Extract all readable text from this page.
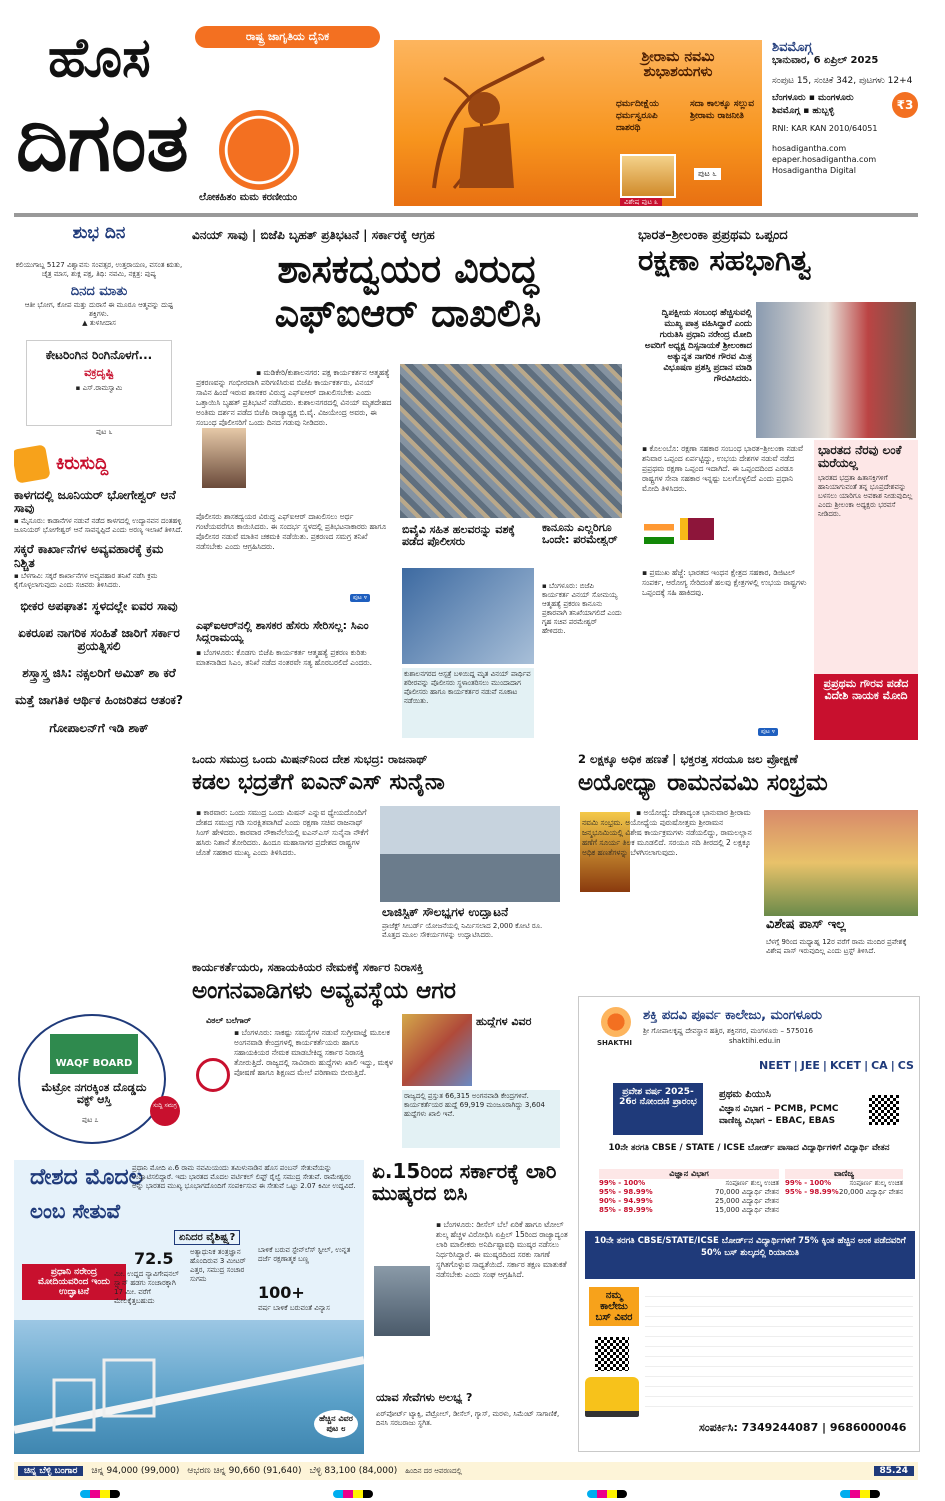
ಹೊಸ
ದಿಗಂತ
ರಾಷ್ಟ್ರ ಜಾಗೃತಿಯ ದೈನಿಕ
ಲೋಕಹಿತಂ ಮಮ ಕರಣೀಯಂ
ಶ್ರೀರಾಮ ನವಮಿ ಶುಭಾಶಯಗಳು
ಧರ್ಮದೀಕ್ಷೆಯ ಧರ್ಮಸ್ವರೂಪಿ ದಾಶರಥಿ
ಸದಾ ಕಾಲಕ್ಕೂ ಸಲ್ಲುವ ಶ್ರೀರಾಮ ರಾಜನೀತಿ
ಪುಟ ೬
ವಿಶೇಷ ಪುಟ ೩
ಶಿವಮೊಗ್ಗ
ಭಾನುವಾರ, 6 ಏಪ್ರಿಲ್ 2025
ಸಂಪುಟ 15, ಸಂಚಿಕೆ 342, ಪುಟಗಳು 12+4
ಬೆಂಗಳೂರು ▪ ಮಂಗಳೂರು
ಶಿವಮೊಗ್ಗ ▪ ಹುಬ್ಬಳ್ಳಿ	₹3
RNI: KAR KAN 2010/64051
hosadigantha.com
epaper.hosadigantha.com
Hosadigantha Digital
ಶುಭ ದಿನ
ಕಲಿಯುಗಾಬ್ದ 5127 ವಿಶ್ವಾವಸು ಸಂವತ್ಸರ, ಉತ್ತರಾಯಣ, ವಸಂತ ಋತು, ಚೈತ್ರ ಮಾಸ, ಶುಕ್ಲ ಪಕ್ಷ, ತಿಥಿ: ನವಮಿ, ನಕ್ಷತ್ರ: ಪುಷ್ಯ
ದಿನದ ಮಾತು
ಆತೀ ಭೋಗ, ಕೋಪ ಮತ್ತು ದುರಾಸೆ ಈ ಮೂರೂ ಆತ್ಮವನ್ನು ದುಷ್ಟ ಶಕ್ತಿಗಳು.
▲ ತುಳಸೀದಾಸ
ಕೇಟರಿಂಗಿನ ರಿಂಗಿನೊಳಗೆ...
ವಕ್ರದೃಷ್ಟಿ
▪ ಎಸ್.ರಾಮಸ್ವಾಮಿ
ಪುಟ ೬
ಕಿರುಸುದ್ದಿ
ಕಾಳಗದಲ್ಲಿ ಜೂನಿಯರ್ ಭೋಗೇಶ್ವರ್ ಆನೆ ಸಾವು
▪ ಮೈಸೂರು: ಕಾಡಾನೆಗಳ ನಡುವೆ ನಡೆದ ಕಾಳಗದಲ್ಲಿ ಉದ್ಯಾನವನ ದಂತಹಳ್ಳಿ ಜೂನಿಯರ್ ಭೋಗೇಶ್ವರ್ ಆನೆ ಸಾವನ್ನಪ್ಪಿದೆ ಎಂದು ಅರಣ್ಯ ಇಲಾಖೆ ತಿಳಿಸಿದೆ.
ಸಕ್ಕರೆ ಕಾರ್ಖಾನೆಗಳ ಅವ್ಯವಹಾರಕ್ಕೆ ಕ್ರಮ ನಿಶ್ಚಿತ
▪ ಬೆಳಗಾವಿ: ಸಕ್ಕರೆ ಕಾರ್ಖಾನೆಗಳ ಅವ್ಯವಹಾರ ತನಿಖೆ ನಡೆಸಿ ಕ್ರಮ ಕೈಗೊಳ್ಳಲಾಗುವುದು ಎಂದು ಸಚಿವರು ತಿಳಿಸಿದರು.
ಭೀಕರ ಅಪಘಾತ: ಸ್ಥಳದಲ್ಲೇ ಐವರ ಸಾವು
ಏಕರೂಪ ನಾಗರಿಕ ಸಂಹಿತೆ ಜಾರಿಗೆ ಸರ್ಕಾರ ಪ್ರಯತ್ನಿಸಲಿ
ಶಸ್ತ್ರಾಸ್ತ್ರ ಜಿಸಿ: ನಕ್ಸಲರಿಗೆ ಅಮಿತ್ ಶಾ ಕರೆ
ಮತ್ತೆ ಜಾಗತಿಕ ಆರ್ಥಿಕ ಹಿಂಜರಿತದ ಆತಂಕ?
ಗೋಪಾಲನ್‌ಗೆ ಇಡಿ ಶಾಕ್
WAQF BOARD
ಮೆಟ್ರೋ ನಗರಕ್ಕಿಂತ ದೊಡ್ಡದು ವಕ್ಫ್ ಆಸ್ತಿ
ಪುಟ ೭
ಸುದ್ದಿ ಸಮಗ್ರ
ವಿನಯ್ ಸಾವು | ಬಿಜೆಪಿ ಬೃಹತ್ ಪ್ರತಿಭಟನೆ | ಸರ್ಕಾರಕ್ಕೆ ಆಗ್ರಹ
ಶಾಸಕದ್ವಯರ ವಿರುದ್ಧ
ಎಫ್‌ಐಆರ್ ದಾಖಲಿಸಿ
▪ ಮಡಿಕೇರಿ/ಕುಶಾಲನಗರ: ಪಕ್ಷ ಕಾರ್ಯಕರ್ತನ ಆತ್ಮಹತ್ಯೆ ಪ್ರಕರಣವನ್ನು ಗಂಭೀರವಾಗಿ ಪರಿಗಣಿಸಿರುವ ಬಿಜೆಪಿ ಕಾರ್ಯಕರ್ತರು, ವಿನಯ್ ಸಾವಿನ ಹಿಂದೆ ಇರುವ ಶಾಸಕರ ವಿರುದ್ಧ ಎಫ್‌ಐಆರ್ ದಾಖಲಿಸಬೇಕು ಎಂದು ಒತ್ತಾಯಿಸಿ ಬೃಹತ್ ಪ್ರತಿಭಟನೆ ನಡೆಸಿದರು. ಕುಶಾಲನಗರದಲ್ಲಿ ವಿನಯ್ ಮೃತದೇಹದ ಅಂತಿಮ ದರ್ಶನ ಪಡೆದ ಬಿಜೆಪಿ ರಾಜ್ಯಾಧ್ಯಕ್ಷ ಬಿ.ವೈ. ವಿಜಯೇಂದ್ರ ಅವರು, ಈ ಸಂಬಂಧ ಪೊಲೀಸರಿಗೆ ಒಂದು ದಿನದ ಗಡುವು ನೀಡಿದರು.
ಪೊಲೀಸರು ಶಾಸಕದ್ವಯರ ವಿರುದ್ಧ ಎಫ್‌ಐಆರ್ ದಾಖಲಿಸಲು ಅರ್ಧ ಗಂಟೆಯವರೆಗೂ ಕಾಯಿಸಿದರು. ಈ ಸಂದರ್ಭ ಸ್ಥಳದಲ್ಲಿ ಪ್ರತಿಭಟನಾಕಾರರು ಹಾಗೂ ಪೊಲೀಸರ ನಡುವೆ ಮಾತಿನ ಚಕಮಕಿ ನಡೆಯಿತು. ಪ್ರಕರಣದ ಸಮಗ್ರ ತನಿಖೆ ನಡೆಸಬೇಕು ಎಂದು ಆಗ್ರಹಿಸಿದರು.
ಪುಟ ೪
ಬಿವೈವಿ ಸಹಿತ ಹಲವರನ್ನು ವಶಕ್ಕೆ ಪಡೆದ ಪೊಲೀಸರು
ಕುಶಾಲನಗರದ ಆಸ್ಪತ್ರೆ ಬಳಿಯಿದ್ದ ಮೃತ ವಿನಯ್ ಪಾರ್ಥಿವ ಶರೀರವನ್ನು ಪೊಲೀಸರು ಸ್ಥಳಾಂತರಿಸಲು ಮುಂದಾದಾಗ ಪೊಲೀಸರು ಹಾಗೂ ಕಾರ್ಯಕರ್ತರ ನಡುವೆ ನೂಕಾಟ ನಡೆಯಿತು.
ಕಾನೂನು ಎಲ್ಲರಿಗೂ ಒಂದೇ: ಪರಮೇಶ್ವರ್
▪ ಬೆಂಗಳೂರು: ಬಿಜೆಪಿ ಕಾರ್ಯಕರ್ತ ವಿನಯ್ ಸೋಮಯ್ಯ ಆತ್ಮಹತ್ಯೆ ಪ್ರಕರಣ ಕಾನೂನು ಪ್ರಕಾರವಾಗಿ ತನಿಖೆಯಾಗಲಿದೆ ಎಂದು ಗೃಹ ಸಚಿವ ಪರಮೇಶ್ವರ್ ಹೇಳಿದರು.
ಎಫ್‌ಐಆರ್‌ನಲ್ಲಿ ಶಾಸಕರ ಹೆಸರು ಸೇರಿಸಲ್ಲ: ಸಿಎಂ ಸಿದ್ದರಾಮಯ್ಯ
▪ ಬೆಂಗಳೂರು: ಕೊಡಗು ಬಿಜೆಪಿ ಕಾರ್ಯಕರ್ತ ಆತ್ಮಹತ್ಯೆ ಪ್ರಕರಣ ಕುರಿತು ಮಾತನಾಡಿದ ಸಿಎಂ, ತನಿಖೆ ನಡೆದ ನಂತರವೇ ಸತ್ಯ ಹೊರಬರಲಿದೆ ಎಂದರು.
ಭಾರತ–ಶ್ರೀಲಂಕಾ ಪ್ರಪ್ರಥಮ ಒಪ್ಪಂದ
ರಕ್ಷಣಾ ಸಹಭಾಗಿತ್ವ
ದ್ವಿಪಕ್ಷೀಯ ಸಂಬಂಧ ಹೆಚ್ಚಿಸುವಲ್ಲಿ ಮುಖ್ಯ ಪಾತ್ರ ವಹಿಸಿದ್ದಾರೆ ಎಂದು ಗುರುತಿಸಿ ಪ್ರಧಾನಿ ನರೇಂದ್ರ ಮೋದಿ ಅವರಿಗೆ ಅಧ್ಯಕ್ಷ ದಿಸ್ಸನಾಯಕೆ ಶ್ರೀಲಂಕಾದ ಅತ್ಯುನ್ನತ ನಾಗರಿಕ ಗೌರವ ಮಿತ್ರ ವಿಭೂಷಣ ಪ್ರಶಸ್ತಿ ಪ್ರದಾನ ಮಾಡಿ ಗೌರವಿಸಿದರು.
▪ ಕೊಲಂಬೊ: ರಕ್ಷಣಾ ಸಹಕಾರ ಸಂಬಂಧ ಭಾರತ–ಶ್ರೀಲಂಕಾ ನಡುವೆ ಶನಿವಾರ ಒಪ್ಪಂದ ಏರ್ಪಟ್ಟಿದ್ದು, ಉಭಯ ದೇಶಗಳ ನಡುವೆ ನಡೆದ ಪ್ರಪ್ರಥಮ ರಕ್ಷಣಾ ಒಪ್ಪಂದ ಇದಾಗಿದೆ. ಈ ಒಪ್ಪಂದದಿಂದ ಎರಡೂ ರಾಷ್ಟ್ರಗಳ ಸೇನಾ ಸಹಕಾರ ಇನ್ನಷ್ಟು ಬಲಗೊಳ್ಳಲಿದೆ ಎಂದು ಪ್ರಧಾನಿ ಮೋದಿ ತಿಳಿಸಿದರು.
▪ ಪ್ರಮುಖ ಹೆಜ್ಜೆ: ಭಾರತದ ಇಂಧನ ಕ್ಷೇತ್ರದ ಸಹಕಾರ, ಡಿಜಿಟಲ್ ಸಂಪರ್ಕ, ಆರೋಗ್ಯ ಸೇರಿದಂತೆ ಹಲವು ಕ್ಷೇತ್ರಗಳಲ್ಲಿ ಉಭಯ ರಾಷ್ಟ್ರಗಳು ಒಪ್ಪಂದಕ್ಕೆ ಸಹಿ ಹಾಕಿದವು.
ಭಾರತದ ನೆರವು ಲಂಕೆ ಮರೆಯಲ್ಲ
ಭಾರತದ ಭದ್ರತಾ ಹಿತಾಸಕ್ತಿಗಳಿಗೆ ಹಾನಿಯಾಗುವಂತೆ ತನ್ನ ಭೂಪ್ರದೇಶವನ್ನು ಬಳಸಲು ಯಾರಿಗೂ ಅವಕಾಶ ನೀಡುವುದಿಲ್ಲ ಎಂದು ಶ್ರೀಲಂಕಾ ಅಧ್ಯಕ್ಷರು ಭರವಸೆ ನೀಡಿದರು.
ಪ್ರಪ್ರಥಮ ಗೌರವ ಪಡೆದ ವಿದೇಶಿ ನಾಯಕ ಮೋದಿ
ಪುಟ ೪
ಒಂದು ಸಮುದ್ರ ಒಂದು ಮಿಷನ್‌ನಿಂದ ದೇಶ ಸುಭದ್ರ: ರಾಜನಾಥ್
ಕಡಲ ಭದ್ರತೆಗೆ ಐಎನ್‌ಎಸ್ ಸುನೈನಾ
▪ ಕಾರವಾರ: ಒಂದು ಸಮುದ್ರ ಒಂದು ಮಿಷನ್ ಎನ್ನುವ ಧ್ಯೇಯದೊಂದಿಗೆ ದೇಶದ ಸಮುದ್ರ ಗಡಿ ಸುರಕ್ಷಿತವಾಗಿದೆ ಎಂದು ರಕ್ಷಣಾ ಸಚಿವ ರಾಜನಾಥ್ ಸಿಂಗ್ ಹೇಳಿದರು. ಕಾರವಾರ ನೌಕಾನೆಲೆಯಲ್ಲಿ ಐಎನ್‌ಎಸ್ ಸುನೈನಾ ನೌಕೆಗೆ ಹಸಿರು ನಿಶಾನೆ ತೋರಿದರು. ಹಿಂದೂ ಮಹಾಸಾಗರ ಪ್ರದೇಶದ ರಾಷ್ಟ್ರಗಳ ಜೊತೆ ಸಹಕಾರ ಮುಖ್ಯ ಎಂದು ತಿಳಿಸಿದರು.
ಲಾಜಿಸ್ಟಿಕ್ ಸೌಲಭ್ಯಗಳ ಉದ್ಘಾಟನೆ
ಪ್ರಾಜೆಕ್ಟ್ ಸೀಬರ್ಡ್ ಯೋಜನೆಯಲ್ಲಿ ನಿರ್ಮಿಸಲಾದ 2,000 ಕೋಟಿ ರೂ. ಮೊತ್ತದ ಮೂಲ ಸೌಕರ್ಯಗಳನ್ನು ಉದ್ಘಾಟಿಸಿದರು.
2 ಲಕ್ಷಕ್ಕೂ ಅಧಿಕ ಹಣತೆ | ಭಕ್ತರತ್ತ ಸರಯೂ ಜಲ ಪ್ರೋಕ್ಷಣೆ
ಅಯೋಧ್ಯಾ ರಾಮನವಮಿ ಸಂಭ್ರಮ
▪ ಅಯೋಧ್ಯೆ: ದೇಶಾದ್ಯಂತ ಭಾನುವಾರ ಶ್ರೀರಾಮ ನವಮಿ ಸಂಭ್ರಮ. ಅಯೋಧ್ಯೆಯ ಪುರುಷೋತ್ತಮ ಶ್ರೀರಾಮನ ಜನ್ಮಭೂಮಿಯಲ್ಲಿ ವಿಶೇಷ ಕಾರ್ಯಕ್ರಮಗಳು ನಡೆಯಲಿದ್ದು, ರಾಮಲಲ್ಲಾನ ಹಣೆಗೆ ಸೂರ್ಯ ತಿಲಕ ಮೂಡಲಿದೆ. ಸರಯೂ ನದಿ ತೀರದಲ್ಲಿ 2 ಲಕ್ಷಕ್ಕೂ ಅಧಿಕ ಹಣತೆಗಳನ್ನು ಬೆಳಗಿಸಲಾಗುವುದು.
ವಿಶೇಷ ಪಾಸ್ ಇಲ್ಲ
ಬೆಳಗ್ಗೆ 9ರಿಂದ ಮಧ್ಯಾಹ್ನ 12ರ ವರೆಗೆ ರಾಮ ಮಂದಿರ ಪ್ರವೇಶಕ್ಕೆ ವಿಶೇಷ ಪಾಸ್ ಇರುವುದಿಲ್ಲ ಎಂದು ಟ್ರಸ್ಟ್ ತಿಳಿಸಿದೆ.
ಕಾರ್ಯಕರ್ತೆಯರು, ಸಹಾಯಕಿಯರ ನೇಮಕಕ್ಕೆ ಸರ್ಕಾರ ನಿರಾಸಕ್ತಿ
ಅಂಗನವಾಡಿಗಳು ಅವ್ಯವಸ್ಥೆಯ ಆಗರ
ವಿಠಲ್ ಬಲೆಗಾರ್
▪ ಬೆಂಗಳೂರು: ಸಾಕಷ್ಟು ಸಮಸ್ಯೆಗಳ ನಡುವೆ ಸುಗ್ರೀವಾಜ್ಞೆ ಮೂಲಕ ಅಂಗನವಾಡಿ ಕೇಂದ್ರಗಳಲ್ಲಿ ಕಾರ್ಯಕರ್ತೆಯರು ಹಾಗೂ ಸಹಾಯಕಿಯರ ನೇಮಕ ಮಾಡಬೇಕಿದ್ದ ಸರ್ಕಾರ ನಿರಾಸಕ್ತಿ ತೋರುತ್ತಿದೆ. ರಾಜ್ಯದಲ್ಲಿ ಸಾವಿರಾರು ಹುದ್ದೆಗಳು ಖಾಲಿ ಇದ್ದು, ಮಕ್ಕಳ ಪೋಷಣೆ ಹಾಗೂ ಶಿಕ್ಷಣದ ಮೇಲೆ ಪರಿಣಾಮ ಬೀರುತ್ತಿದೆ.
ಹುದ್ದೆಗಳ ವಿವರ
ರಾಜ್ಯದಲ್ಲಿ ಪ್ರಸ್ತುತ 66,315 ಅಂಗನವಾಡಿ ಕೇಂದ್ರಗಳಿವೆ. ಕಾರ್ಯಕರ್ತೆಯರ ಹುದ್ದೆ 69,919 ಮಂಜೂರಾಗಿದ್ದು 3,604 ಹುದ್ದೆಗಳು ಖಾಲಿ ಇವೆ.
SHAKTHI
ಶಕ್ತಿ ಪದವಿ ಪೂರ್ವ ಕಾಲೇಜು, ಮಂಗಳೂರು
ಶ್ರೀ ಗೋಪಾಲಕೃಷ್ಣ ದೇವಸ್ಥಾನ ಹತ್ತಿರ, ಶಕ್ತಿನಗರ, ಮಂಗಳೂರು – 575016
shaktihi.edu.in
NEET | JEE | KCET | CA | CS
ಪ್ರವೇಶ ವರ್ಷ 2025-26ರ ನೋಂದಣಿ ಪ್ರಾರಂಭ
ಪ್ರಥಮ ಪಿಯುಸಿ
ವಿಜ್ಞಾನ ವಿಭಾಗ – PCMB, PCMC
ವಾಣಿಜ್ಯ ವಿಭಾಗ – EBAC, EBAS
10ನೇ ತರಗತಿ CBSE / STATE / ICSE ಬೋರ್ಡ್ ಪಾಸಾದ ವಿದ್ಯಾರ್ಥಿಗಳಿಗೆ ವಿದ್ಯಾರ್ಥಿ ವೇತನ
ವಿಜ್ಞಾನ ವಿಭಾಗ
99% - 100%	ಸಂಪೂರ್ಣ ಶುಲ್ಕ ಉಚಿತ
95% - 98.99%	70,000 ವಿದ್ಯಾರ್ಥಿ ವೇತನ
90% - 94.99%	25,000 ವಿದ್ಯಾರ್ಥಿ ವೇತನ
85% - 89.99%	15,000 ವಿದ್ಯಾರ್ಥಿ ವೇತನ
ವಾಣಿಜ್ಯ
99% - 100%	ಸಂಪೂರ್ಣ ಶುಲ್ಕ ಉಚಿತ
95% - 98.99% 20,000 ವಿದ್ಯಾರ್ಥಿ ವೇತನ
10ನೇ ತರಗತಿ CBSE/STATE/ICSE ಬೋರ್ಡ್‌ನ ವಿದ್ಯಾರ್ಥಿಗಳಿಗೆ 75% ಕ್ಕಿಂತ ಹೆಚ್ಚಿನ ಅಂಕ ಪಡೆದವರಿಗೆ 50% ಬಸ್ ಶುಲ್ಕದಲ್ಲಿ ರಿಯಾಯಿತಿ
ನಮ್ಮ ಕಾಲೇಜು ಬಸ್ ವಿವರ
ಸಂಪರ್ಕಿಸಿ: 7349244087 | 9686000046
ದೇಶದ ಮೊದಲ
ಲಂಬ ಸೇತುವೆ
ಪ್ರಧಾನಿ ನರೇಂದ್ರ ಮೋದಿಯವರಿಂದ ಇಂದು ಉದ್ಘಾಟನೆ
ಪ್ರಧಾನಿ ಮೋದಿ ಏ.6 ರಾಮ ನವಮಿಯಂದು ತಮಿಳುನಾಡಿನ ಹೊಸ ಪಂಬನ್ ಸೇತುವೆಯನ್ನು ಉದ್ಘಾಟಿಸಲಿದ್ದಾರೆ. ಇದು ಭಾರತದ ಮೊದಲ ವರ್ಟಿಕಲ್ ಲಿಫ್ಟ್ ರೈಲ್ವೆ ಸಮುದ್ರ ಸೇತುವೆ. ರಾಮೇಶ್ವರಂ ಅನ್ನು ಭಾರತದ ಮುಖ್ಯ ಭೂಭಾಗದೊಂದಿಗೆ ಸಂಪರ್ಕಿಸುವ ಈ ಸೇತುವೆ ಒಟ್ಟು 2.07 ಕಿಮೀ ಉದ್ದವಿದೆ.
ಏನಿದರ ವೈಶಿಷ್ಟ್ಯ?
72.5
ಮೀ. ಉದ್ದದ ನ್ಯಾವಿಗೇಷನಲ್ ಸ್ಪ್ಯಾನ್ ಹಡಗು ಸಂಚಾರಕ್ಕಾಗಿ 17 ಮೀ. ವರೆಗೆ ಮೇಲಕ್ಕೆತ್ತಬಹುದು
ಅತ್ಯಾಧುನಿಕ ತಂತ್ರಜ್ಞಾನ ಹೊಂದಿರುವ 3 ಮೀಟರ್ ಎತ್ತರ, ಸಮುದ್ರ ಸಂಚಾರ ಸುಗಮ
ಬಾಳಿಕೆ ಬರುವ ಸ್ಟೇನ್‌ಲೆಸ್ ಸ್ಟೀಲ್, ಉನ್ನತ ದರ್ಜೆ ರಕ್ಷಣಾತ್ಮಕ ಬಣ್ಣ
100+
ವರ್ಷ ಬಾಳಿಕೆ ಬರುವಂತೆ ವಿನ್ಯಾಸ
ಹೆಚ್ಚಿನ ವಿವರ ಪುಟ ೮
ಏ.15ರಿಂದ ಸರ್ಕಾರಕ್ಕೆ ಲಾರಿ ಮುಷ್ಕರದ ಬಿಸಿ
▪ ಬೆಂಗಳೂರು: ಡೀಸೆಲ್ ಬೆಲೆ ಏರಿಕೆ ಹಾಗೂ ಟೋಲ್ ಶುಲ್ಕ ಹೆಚ್ಚಳ ವಿರೋಧಿಸಿ ಏಪ್ರಿಲ್ 15ರಿಂದ ರಾಜ್ಯಾದ್ಯಂತ ಲಾರಿ ಮಾಲೀಕರು ಅನಿರ್ದಿಷ್ಟಾವಧಿ ಮುಷ್ಕರ ನಡೆಸಲು ನಿರ್ಧರಿಸಿದ್ದಾರೆ. ಈ ಮುಷ್ಕರದಿಂದ ಸರಕು ಸಾಗಣೆ ಸ್ಥಗಿತಗೊಳ್ಳುವ ಸಾಧ್ಯತೆಯಿದೆ. ಸರ್ಕಾರ ತಕ್ಷಣ ಮಾತುಕತೆ ನಡೆಸಬೇಕು ಎಂದು ಸಂಘ ಆಗ್ರಹಿಸಿದೆ.
ಯಾವ ಸೇವೆಗಳು ಅಲಭ್ಯ ?
ಏರ್‌ಪೋರ್ಟ್ ಟ್ಯಾಕ್ಸಿ, ಪೆಟ್ರೋಲ್, ಡೀಸೆಲ್, ಗ್ಯಾಸ್, ಮರಳು, ಸಿಮೆಂಟ್ ಸಾಗಾಣಿಕೆ, ದಿನಸಿ ಸರಬರಾಜು ಸ್ಥಗಿತ.
ಚಿನ್ನ ಬೆಳ್ಳಿ ಬಂಗಾರ	ಚಿನ್ನ 94,000 (99,000) ಆಭರಣ ಚಿನ್ನ 90,660 (91,640) ಬೆಳ್ಳಿ 83,100 (84,000) ಹಿಂದಿನ ದರ ಆವರಣದಲ್ಲಿ	85.24
